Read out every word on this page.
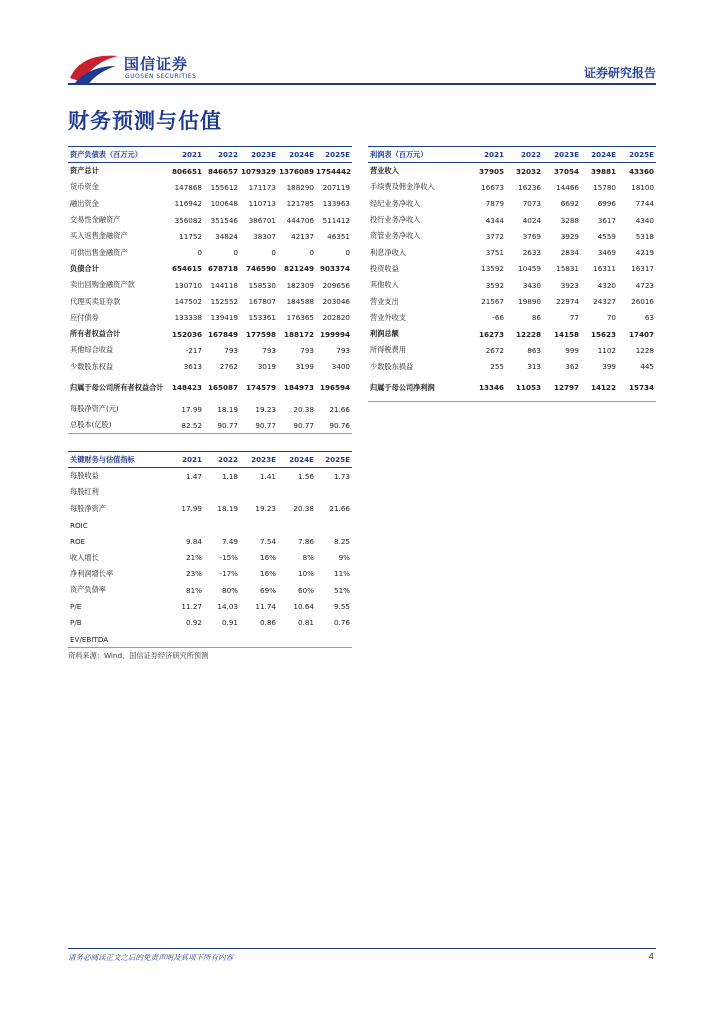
国信证券
GUOSEN SECURITIES	证券研究报告
财务预测与估值
资产负债表（百万元）	2021	2022	2023E	2024E	2025E
资产总计	806651	846657	1079329	1376089	1754442
货币资金	147868	155612	171173	188290	207119
融出资金	116942	100648	110713	121785	133963
交易性金融资产	356082	351546	386701	444706	511412
买入返售金融资产	11752	34824	38307	42137	46351
可供出售金融资产	0	0	0	0	0
负债合计	654615	678718	746590	821249	903374
卖出回购金融资产款	130710	144118	158530	182309	209656
代理买卖证券款	147502	152552	167807	184588	203046
应付债券	133338	139419	153361	176365	202820
所有者权益合计	152036	167849	177598	188172	199994
其他综合收益	-217	793	793	793	793
少数股东权益	3613	2762	3019	3199	3400
归属于母公司所有者权益合计	148423	165087	174579	184973	196594
每股净资产(元)	17.99	18.19	19.23	20.38	21.66
总股本(亿股)	82.52	90.77	90.77	90.77	90.76
利润表（百万元）	2021	2022	2023E	2024E	2025E
营业收入	37905	32032	37054	39881	43360
手续费及佣金净收入	16673	16236	14466	15780	18100
经纪业务净收入	7879	7073	6692	6996	7744
投行业务净收入	4344	4024	3288	3617	4340
资管业务净收入	3772	3769	3929	4559	5318
利息净收入	3751	2633	2834	3469	4219
投资收益	13592	10459	15831	16311	16317
其他收入	3592	3430	3923	4320	4723
营业支出	21567	19890	22974	24327	26016
营业外收支	-66	86	77	70	63
利润总额	16273	12228	14158	15623	17407
所得税费用	2672	863	999	1102	1228
少数股东损益	255	313	362	399	445
归属于母公司净利润	13346	11053	12797	14122	15734
关键财务与估值指标	2021	2022	2023E	2024E	2025E
每股收益	1.47	1.18	1.41	1.56	1.73
每股红利					
每股净资产	17.99	18.19	19.23	20.38	21.66
ROIC					
ROE	9.84	7.49	7.54	7.86	8.25
收入增长	21%	-15%	16%	8%	9%
净利润增长率	23%	-17%	16%	10%	11%
资产负债率	81%	80%	69%	60%	51%
P/E	11.27	14.03	11.74	10.64	9.55
P/B	0.92	0.91	0.86	0.81	0.76
EV/EBITDA					
资料来源：Wind、国信证券经济研究所预测
请务必阅读正文之后的免责声明及其项下所有内容	4
